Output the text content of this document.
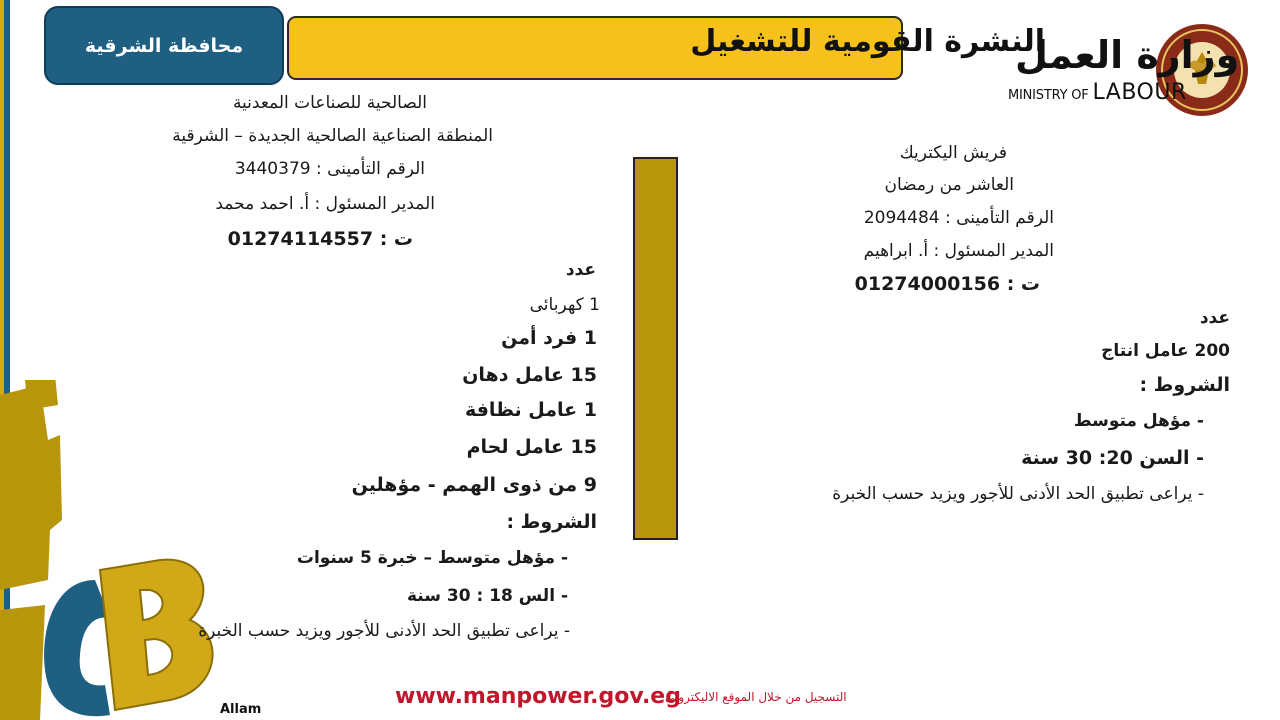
محافظة الشرقية	النشرة القومية للتشغيل
وزارة العمل
MINISTRY OF LABOUR
الصالحية للصناعات المعدنية
المنطقة الصناعية الصالحية الجديدة – الشرقية
الرقم التأمينى : 3440379
المدير المسئول : أ. احمد محمد
ت : 01274114557
عدد
1 كهربائى
1 فرد أمن
15 عامل دهان
1 عامل نظافة
15 عامل لحام
9 من ذوى الهمم - مؤهلين
الشروط :
- مؤهل متوسط – خبرة 5 سنوات
- الس 18 : 30 سنة
- يراعى تطبيق الحد الأدنى للأجور ويزيد حسب الخبرة
فريش اليكتريك
العاشر من رمضان
الرقم التأمينى : 2094484
المدير المسئول : أ. ابراهيم
ت : 01274000156
عدد
200 عامل انتاج
الشروط :
- مؤهل متوسط
- السن 20: 30 سنة
- يراعى تطبيق الحد الأدنى للأجور ويزيد حسب الخبرة
www.manpower.gov.eg
التسجيل من خلال الموقع الاليكترونى
Allam
